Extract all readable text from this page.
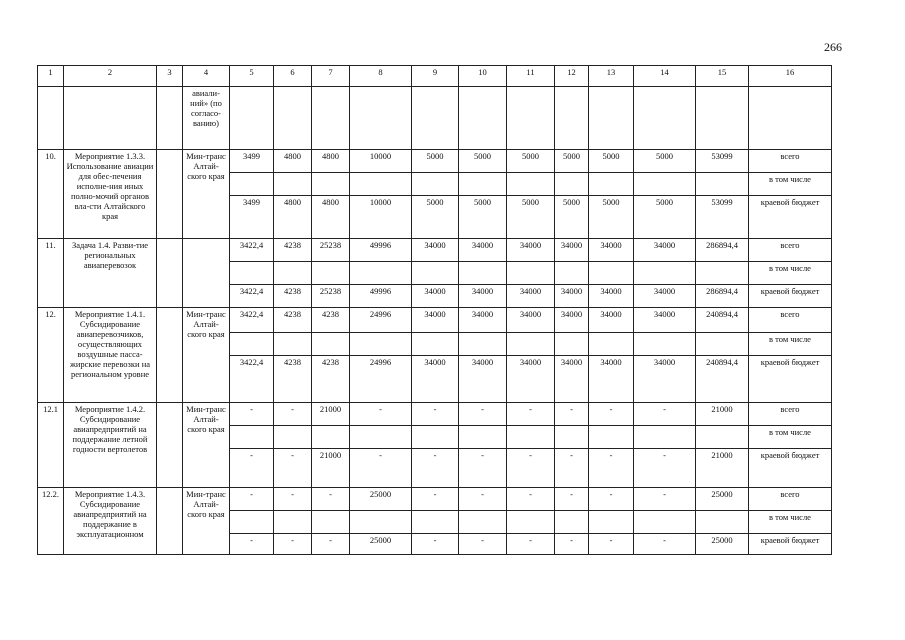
266
1	2	3	4	5	6	7	8	9	10	11	12	13	14	15	16
			авиали-ний» (по согласо-ванию)												
10.	Мероприятие 1.3.3. Использование авиации для обес-печения исполне-ния иных полно-мочий органов вла-сти Алтайского края		Мин-транс Алтай-ского края	3499	4800	4800	10000	5000	5000	5000	5000	5000	5000	53099	всего
															в том числе
				3499	4800	4800	10000	5000	5000	5000	5000	5000	5000	53099	краевой бюджет
11.	Задача 1.4. Разви-тие региональных авиаперевозок			3422,4	4238	25238	49996	34000	34000	34000	34000	34000	34000	286894,4	всего
															в том числе
				3422,4	4238	25238	49996	34000	34000	34000	34000	34000	34000	286894,4	краевой бюджет
12.	Мероприятие 1.4.1. Субсидирование авиаперевозчиков, осуществляющих воздушные пасса-жирские перевозки на региональном уровне		Мин-транс Алтай-ского края	3422,4	4238	4238	24996	34000	34000	34000	34000	34000	34000	240894,4	всего
															в том числе
				3422,4	4238	4238	24996	34000	34000	34000	34000	34000	34000	240894,4	краевой бюджет
12.1	Мероприятие 1.4.2. Субсидирование авиапредприятий на поддержание летной годности вертолетов		Мин-транс Алтай-ского края	-	-	21000	-	-	-	-	-	-	-	21000	всего
															в том числе
				-	-	21000	-	-	-	-	-	-	-	21000	краевой бюджет
12.2.	Мероприятие 1.4.3. Субсидирование авиапредприятий на поддержание в эксплуатационном		Мин-транс Алтай-ского края	-	-	-	25000	-	-	-	-	-	-	25000	всего
															в том числе
				-	-	-	25000	-	-	-	-	-	-	25000	краевой бюджет
